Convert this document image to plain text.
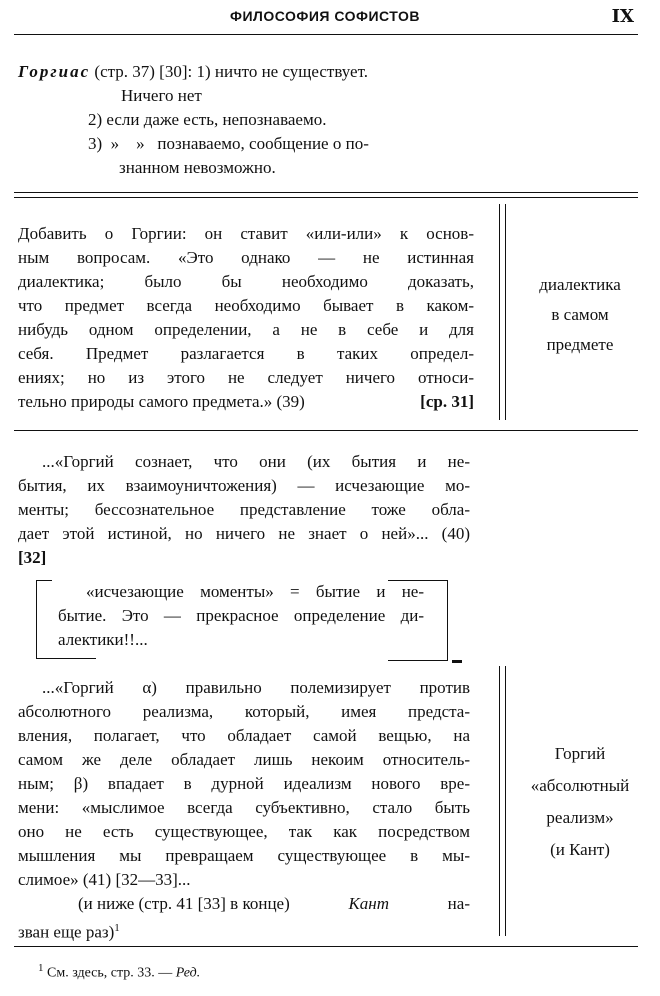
ФИЛОСОФИЯ СОФИСТОВ	IX
Горгиас (стр. 37) [30]: 1) ничто не существует.
Ничего нет
2) если даже есть, непознаваемо.
3)  »    »   познаваемо, сообщение о по-
знанном невозможно.
Добавить о Горгии: он ставит «или-или» к основ-
ным вопросам. «Это однако — не истинная
диалектика; было бы необходимо доказать,
что предмет всегда необходимо бывает в каком-
нибудь одном определении, а не в себе и для
себя. Предмет разлагается в таких определ-
ениях; но из этого не следует ничего относи-
тельно природы самого предмета.» (39)	[ср. 31]
диалектика
в самом
предмете
...«Горгий сознает, что они (их бытия и не-
бытия, их взаимоуничтожения) — исчезающие мо-
менты; бессознательное представление тоже обла-
дает этой истиной, но ничего не знает о ней»... (40)
[32]
«исчезающие моменты» = бытие и не-
бытие. Это — прекрасное определение ди-
алектики!!...
...«Горгий α) правильно полемизирует против
абсолютного реализма, который, имея предста-
вления, полагает, что обладает самой вещью, на
самом же деле обладает лишь некоим относитель-
ным; β) впадает в дурной идеализм нового вре-
мени: «мыслимое всегда субъективно, стало быть
оно не есть существующее, так как посредством
мышления мы превращаем существующее в мы-
слимое» (41) [32—33]...
(и ниже (стр. 41 [33] в конце)	Кант	на-
зван еще раз)$^1$
Горгий
«абсолютный
реализм»
(и Кант)
$^1$ См. здесь, стр. 33. — Ред.
